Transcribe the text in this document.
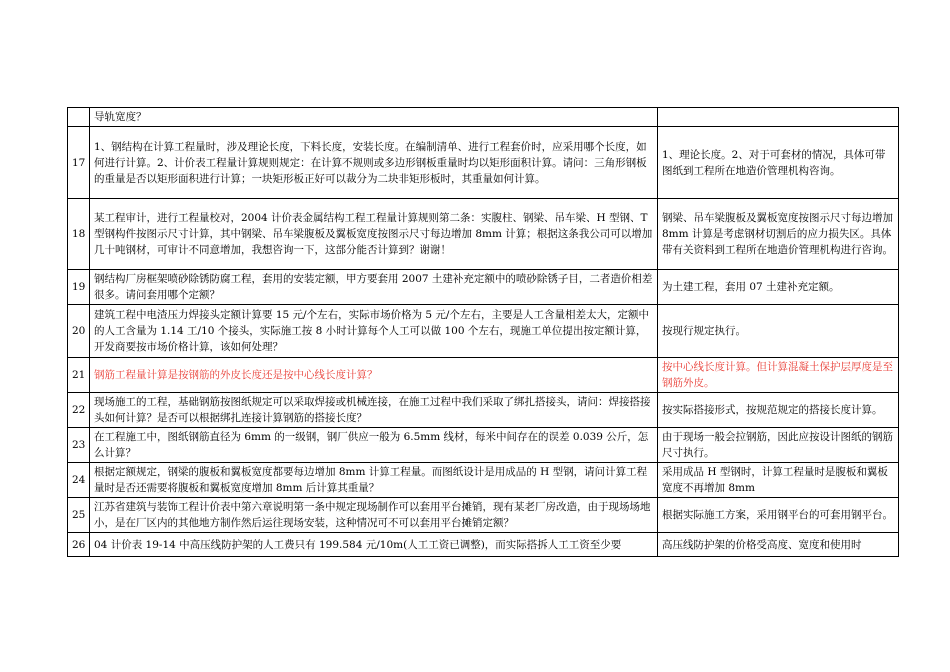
	导轨宽度？	
17	1、钢结构在计算工程量时，涉及理论长度，下料长度，安装长度。在编制清单、进行工程套价时，应采用哪个长度，如何进行计算。2、计价表工程量计算规则规定：在计算不规则或多边形钢板重量时均以矩形面积计算。请问：三角形钢板的重量是否以矩形面积进行计算；一块矩形板正好可以裁分为二块非矩形板时，其重量如何计算。	1、理论长度。2、对于可套材的情况，具体可带图纸到工程所在地造价管理机构咨询。
18	某工程审计，进行工程量校对，2004 计价表金属结构工程工程量计算规则第二条：实腹柱、钢梁、吊车梁、H 型钢、T 型钢构件按图示尺寸计算，其中钢梁、吊车梁腹板及翼板宽度按图示尺寸每边增加 8mm 计算；根据这条我公司可以增加几十吨钢材，可审计不同意增加，我想咨询一下，这部分能否计算到？谢谢！	钢梁、吊车梁腹板及翼板宽度按图示尺寸每边增加 8mm 计算是考虑钢材切割后的应力损失区。具体带有关资料到工程所在地造价管理机构进行咨询。
19	钢结构厂房框架喷砂除锈防腐工程，套用的安装定额，甲方要套用 2007 土建补充定额中的喷砂除锈子目，二者造价相差很多。请问套用哪个定额？	为土建工程，套用 07 土建补充定额。
20	建筑工程中电渣压力焊接头定额计算要 15 元/个左右，实际市场价格为 5 元/个左右，主要是人工含量相差太大，定额中的人工含量为 1.14 工/10 个接头，实际施工按 8 小时计算每个人工可以做 100 个左右，现施工单位提出按定额计算，开发商要按市场价格计算，该如何处理？	按现行规定执行。
21	钢筋工程量计算是按钢筋的外皮长度还是按中心线长度计算？	按中心线长度计算。但计算混凝土保护层厚度是至钢筋外皮。
22	现场施工的工程，基础钢筋按图纸规定可以采取焊接或机械连接，在施工过程中我们采取了绑扎搭接头，请问：焊接搭接头如何计算？是否可以根据绑扎连接计算钢筋的搭接长度？	按实际搭接形式，按规范规定的搭接长度计算。
23	在工程施工中，图纸钢筋直径为 6mm 的一级钢，钢厂供应一般为 6.5mm 线材，每米中间存在的误差 0.039 公斤，怎么计算？	由于现场一般会拉钢筋，因此应按设计图纸的钢筋尺寸执行。
24	根据定额规定，钢梁的腹板和翼板宽度都要每边增加 8mm 计算工程量。而图纸设计是用成品的 H 型钢，请问计算工程量时是否还需要将腹板和翼板宽度增加 8mm 后计算其重量？	采用成品 H 型钢时，计算工程量时是腹板和翼板宽度不再增加 8mm
25	江苏省建筑与装饰工程计价表中第六章说明第一条中规定现场制作可以套用平台摊销，现有某老厂房改造，由于现场场地小，是在厂区内的其他地方制作然后运往现场安装，这种情况可不可以套用平台摊销定额？	根据实际施工方案，采用钢平台的可套用钢平台。
26	04 计价表 19-14 中高压线防护架的人工费只有 199.584 元/10m(人工工资已调整)，而实际搭拆人工工资至少要	高压线防护架的价格受高度、宽度和使用时
